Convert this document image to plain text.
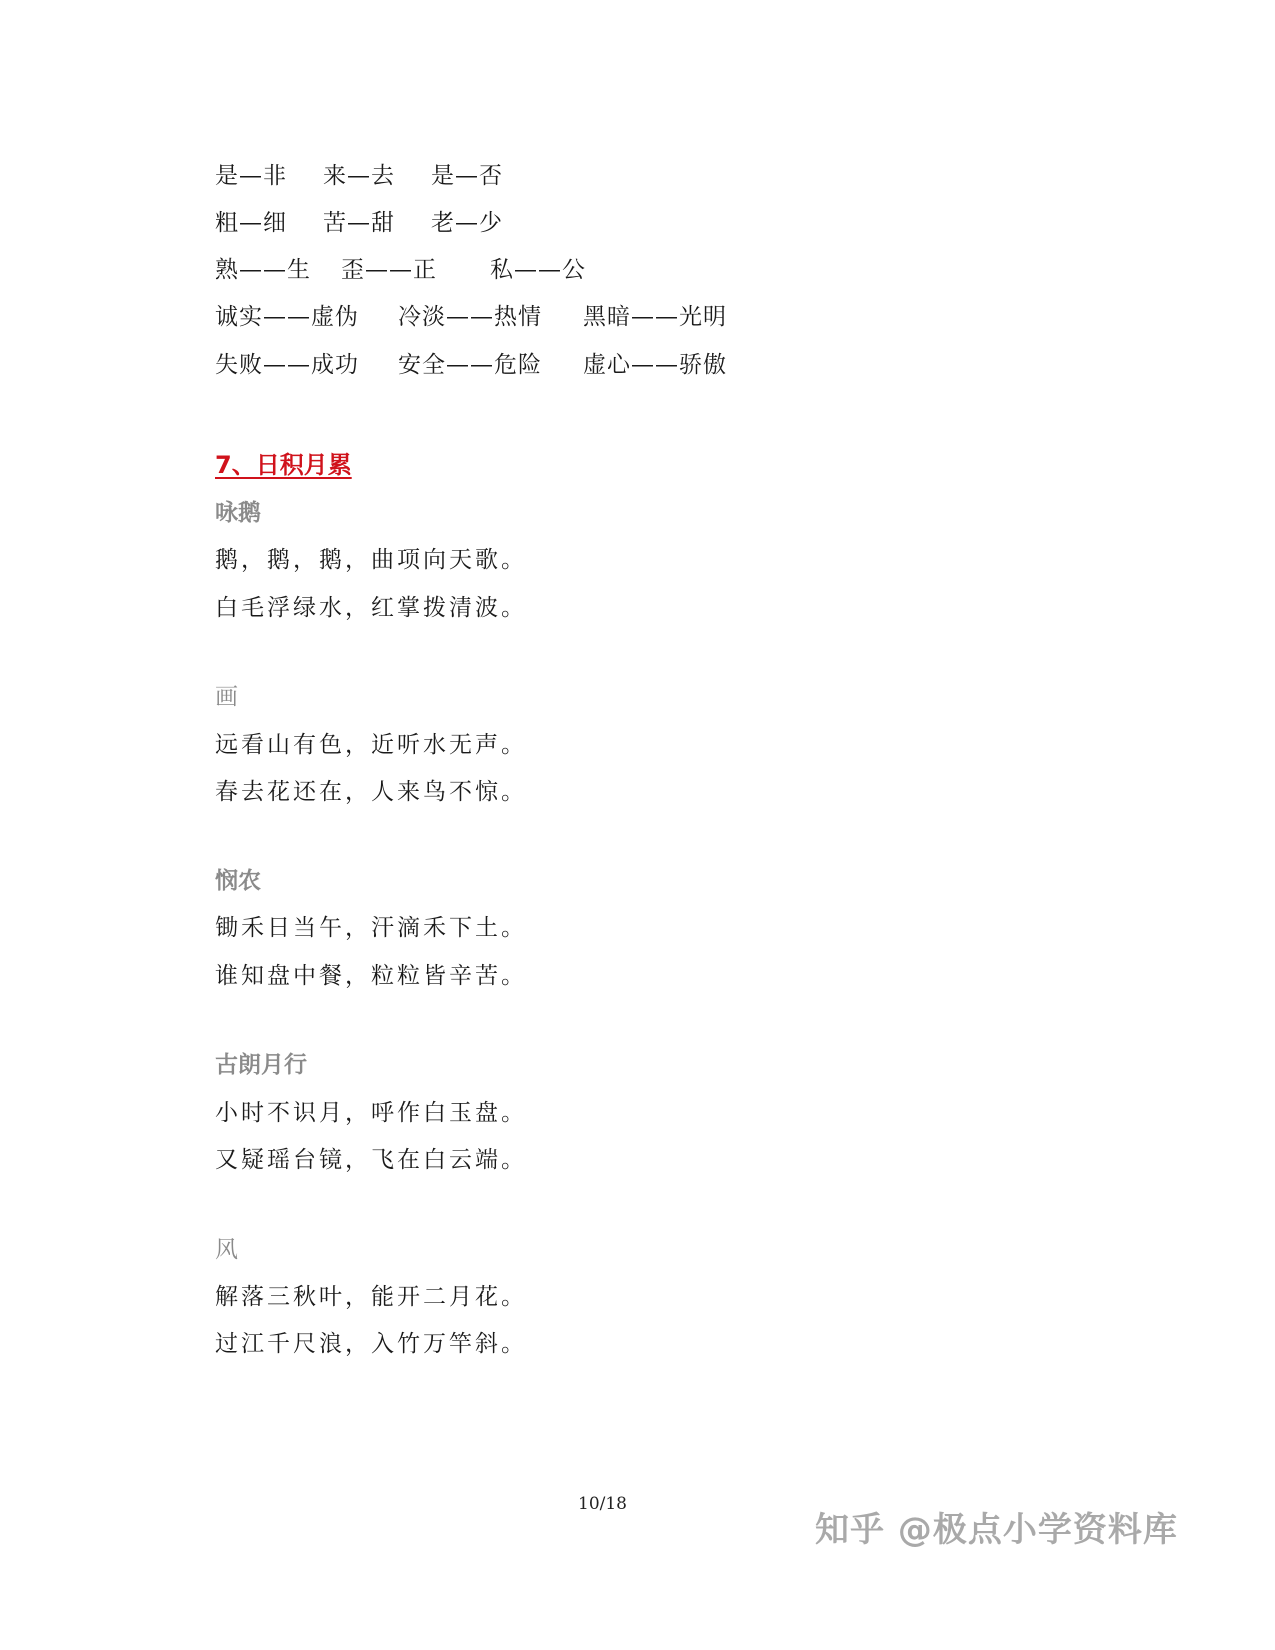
是—非 来—去 是—否
粗—细 苦—甜 老—少
熟——生 歪——正 私——公
诚实——虚伪 冷淡——热情 黑暗——光明
失败——成功 安全——危险 虚心——骄傲
7、日积月累
咏鹅
鹅，鹅，鹅，曲项向天歌。
白毛浮绿水，红掌拨清波。
画
远看山有色，近听水无声。
春去花还在，人来鸟不惊。
悯农
锄禾日当午，汗滴禾下土。
谁知盘中餐，粒粒皆辛苦。
古朗月行
小时不识月，呼作白玉盘。
又疑瑶台镜，飞在白云端。
风
解落三秋叶，能开二月花。
过江千尺浪，入竹万竿斜。
10/18
知乎 @极点小学资料库
